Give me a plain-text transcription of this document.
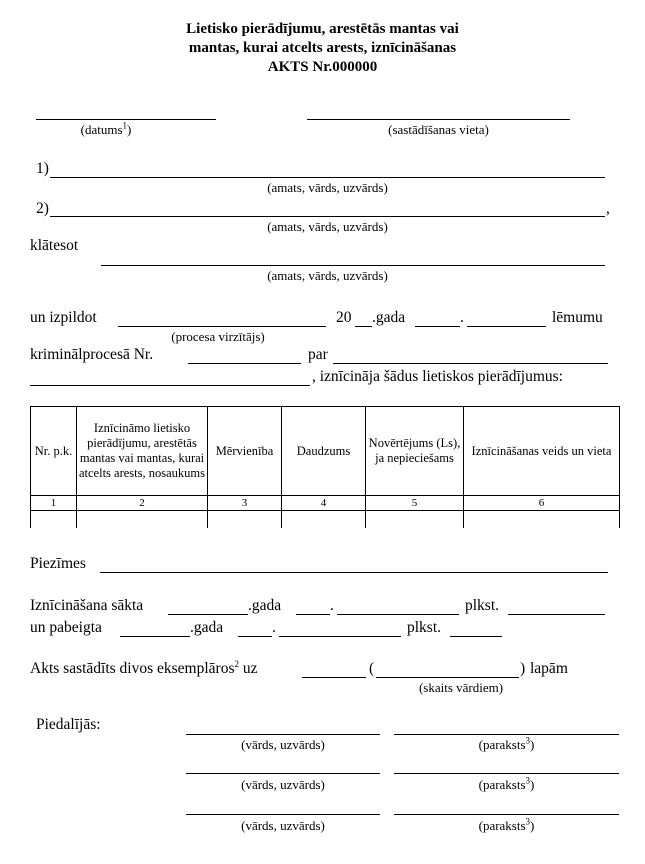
Lietisko pierādījumu, arestētās mantas vai
mantas, kurai atcelts arests, iznīcināšanas
AKTS Nr.000000
(datums$^1$)	(sastādīšanas vieta)
1)
(amats, vārds, uzvārds)
2)	,
(amats, vārds, uzvārds)
klātesot
(amats, vārds, uzvārds)
un izpildot
(procesa virzītājs)
20 .gada	.	lēmumu
kriminālprocesā Nr.	par
, iznīcināja šādus lietiskos pierādījumus:
Nr. p.k.	Iznīcināmo lietisko pierādījumu, arestētās mantas vai mantas, kurai atcelts arests, nosaukums	Mērvienība	Daudzums	Novērtējums (Ls), ja nepieciešams	Iznīcināšanas veids un vieta
1	2	3	4	5	6

Piezīmes
Iznīcināšana sākta	.gada	.	plkst.
un pabeigta	.gada	.	plkst.
Akts sastādīts divos eksemplāros$^2$ uz	(	) lapām
(skaits vārdiem)
Piedalījās:
(vārds, uzvārds)	(paraksts$^3$)
(vārds, uzvārds)	(paraksts$^3$)
(vārds, uzvārds)	(paraksts$^3$)
